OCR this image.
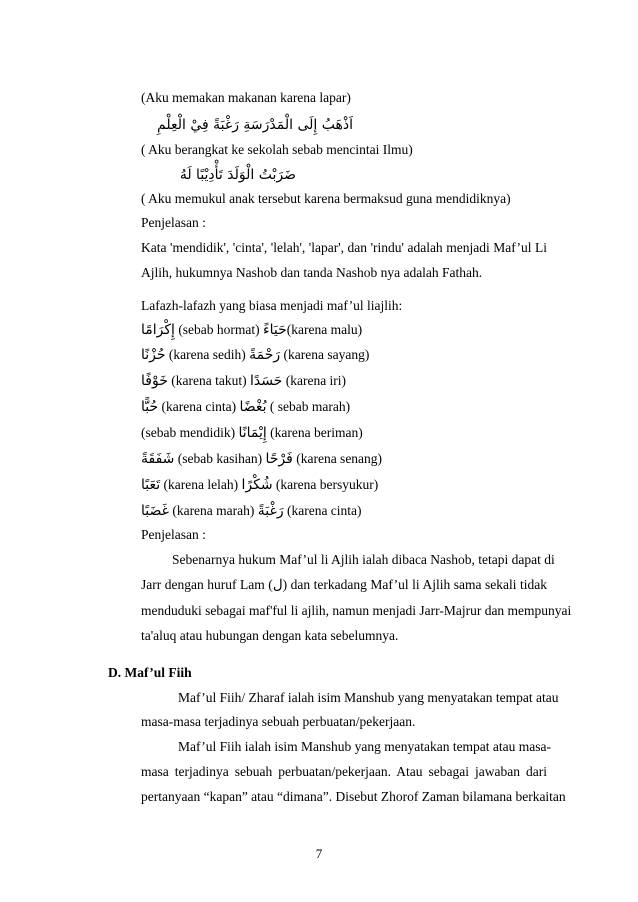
(Aku memakan makanan karena lapar)
اَذْهَبُ إِلَى الْمَدْرَسَةِ رَغْبَةً فِيْ الْعِلْمِ
( Aku berangkat ke sekolah sebab mencintai Ilmu)
ضَرَبْتُ الْوَلَدَ تَأْدِيْبًا لَهُ
( Aku memukul anak tersebut karena bermaksud guna mendidiknya)
Penjelasan :
Kata 'mendidik', 'cinta', 'lelah', 'lapar', dan 'rindu' adalah menjadi Maf’ul Li
Ajlih, hukumnya Nashob dan tanda Nashob nya adalah Fathah.
Lafazh-lafazh yang biasa menjadi maf’ul liajlih:
إِكْرَامًا (sebab hormat) حَيَاءً(karena malu)
حُزْنًا (karena sedih) رَحْمَةً (karena sayang)
خَوْفًا (karena takut) حَسَدًا (karena iri)
حُبًّا (karena cinta) بُغْضًا ( sebab marah)
(sebab mendidik) إِيْمَانًا (karena beriman)
شَفَقَةً (sebab kasihan) فَرْحًا (karena senang)
تَعَبًا (karena lelah) شُكْرًا (karena bersyukur)
غَضَبًا (karena marah) رَغْبَةً (karena cinta)
Penjelasan :
Sebenarnya hukum Maf’ul li Ajlih ialah dibaca Nashob, tetapi dapat di
Jarr dengan huruf Lam (ل) dan terkadang Maf’ul li Ajlih sama sekali tidak
menduduki sebagai maf'ful li ajlih, namun menjadi Jarr-Majrur dan mempunyai
ta'aluq atau hubungan dengan kata sebelumnya.
D. Maf’ul Fiih
Maf’ul Fiih/ Zharaf ialah isim Manshub yang menyatakan tempat atau
masa-masa terjadinya sebuah perbuatan/pekerjaan.
Maf’ul Fiih ialah isim Manshub yang menyatakan tempat atau masa-
masa terjadinya sebuah perbuatan/pekerjaan. Atau sebagai jawaban dari
pertanyaan “kapan” atau “dimana”. Disebut Zhorof Zaman bilamana berkaitan
7
